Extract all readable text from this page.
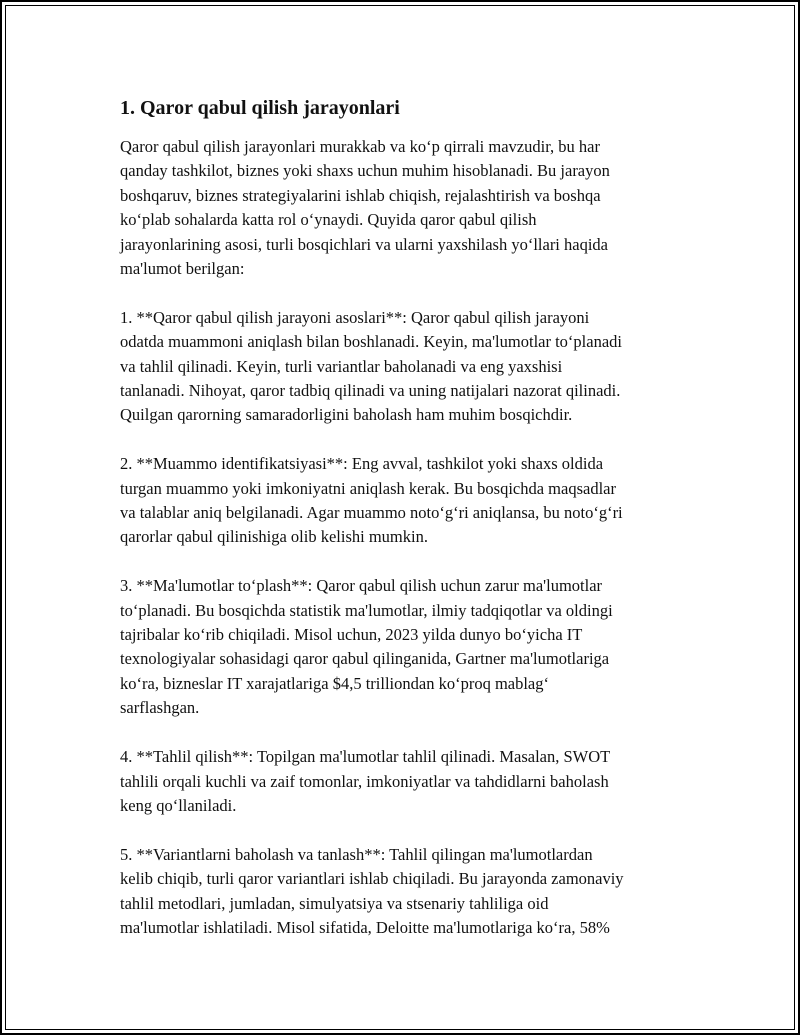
1. Qaror qabul qilish jarayonlari

Qaror qabul qilish jarayonlari murakkab va koʻp qirrali mavzudir, bu har
qanday tashkilot, biznes yoki shaxs uchun muhim hisoblanadi. Bu jarayon
boshqaruv, biznes strategiyalarini ishlab chiqish, rejalashtirish va boshqa
koʻplab sohalarda katta rol oʻynaydi. Quyida qaror qabul qilish
jarayonlarining asosi, turli bosqichlari va ularni yaxshilash yoʻllari haqida
ma'lumot berilgan:

1. **Qaror qabul qilish jarayoni asoslari**: Qaror qabul qilish jarayoni
odatda muammoni aniqlash bilan boshlanadi. Keyin, ma'lumotlar toʻplanadi
va tahlil qilinadi. Keyin, turli variantlar baholanadi va eng yaxshisi
tanlanadi. Nihoyat, qaror tadbiq qilinadi va uning natijalari nazorat qilinadi.
Quilgan qarorning samaradorligini baholash ham muhim bosqichdir.

2. **Muammo identifikatsiyasi**: Eng avval, tashkilot yoki shaxs oldida
turgan muammo yoki imkoniyatni aniqlash kerak. Bu bosqichda maqsadlar
va talablar aniq belgilanadi. Agar muammo notoʻgʻri aniqlansa, bu notoʻgʻri
qarorlar qabul qilinishiga olib kelishi mumkin.

3. **Ma'lumotlar toʻplash**: Qaror qabul qilish uchun zarur ma'lumotlar
toʻplanadi. Bu bosqichda statistik ma'lumotlar, ilmiy tadqiqotlar va oldingi
tajribalar koʻrib chiqiladi. Misol uchun, 2023 yilda dunyo boʻyicha IT
texnologiyalar sohasidagi qaror qabul qilinganida, Gartner ma'lumotlariga
koʻra, bizneslar IT xarajatlariga $4,5 trilliondan koʻproq mablagʻ
sarflashgan.

4. **Tahlil qilish**: Topilgan ma'lumotlar tahlil qilinadi. Masalan, SWOT
tahlili orqali kuchli va zaif tomonlar, imkoniyatlar va tahdidlarni baholash
keng qoʻllaniladi.

5. **Variantlarni baholash va tanlash**: Tahlil qilingan ma'lumotlardan
kelib chiqib, turli qaror variantlari ishlab chiqiladi. Bu jarayonda zamonaviy
tahlil metodlari, jumladan, simulyatsiya va stsenariy tahliliga oid
ma'lumotlar ishlatiladi. Misol sifatida, Deloitte ma'lumotlariga koʻra, 58%
